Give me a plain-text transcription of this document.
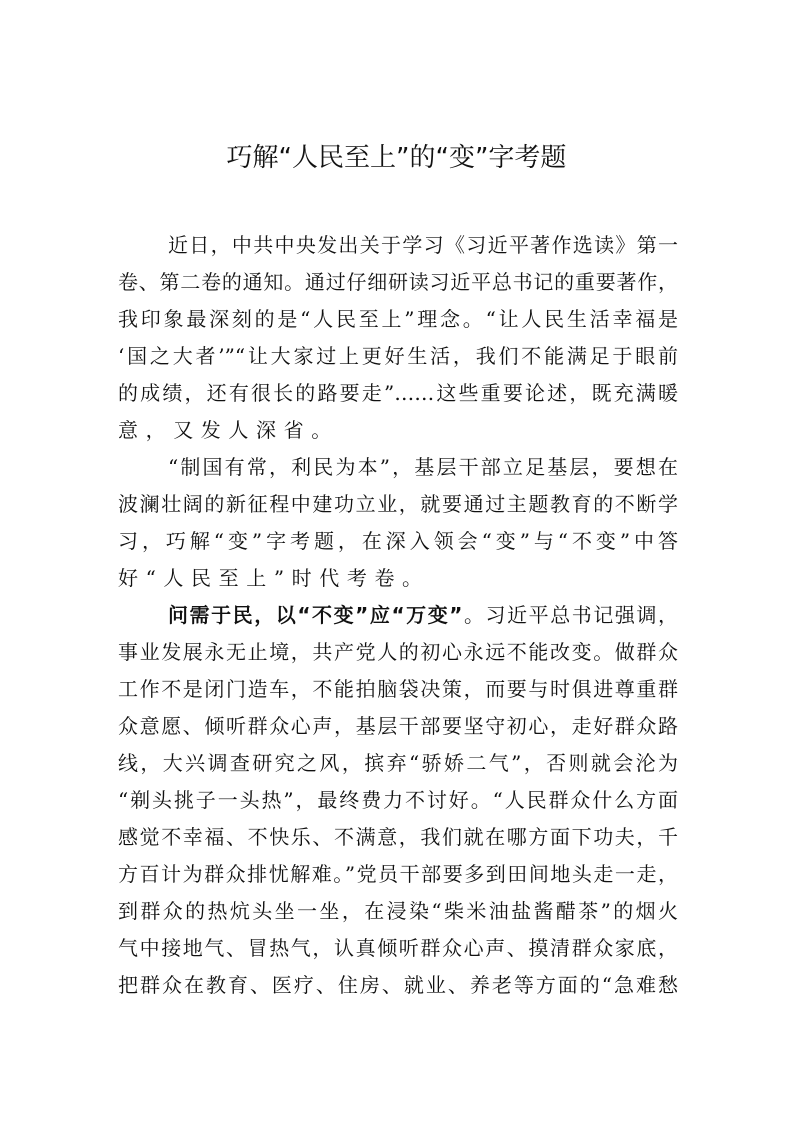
巧解“人民至上”的“变”字考题
近日，中共中央发出关于学习《习近平著作选读》第一
卷、第二卷的通知。通过仔细研读习近平总书记的重要著作，
我印象最深刻的是“人民至上”理念。“让人民生活幸福是
‘国之大者’”“让大家过上更好生活，我们不能满足于眼前
的成绩，还有很长的路要走”……这些重要论述，既充满暖
意，又发人深省。
“制国有常，利民为本”，基层干部立足基层，要想在
波澜壮阔的新征程中建功立业，就要通过主题教育的不断学
习，巧解“变”字考题，在深入领会“变”与“不变”中答
好“人民至上”时代考卷。
问需于民，以“不变”应“万变”。习近平总书记强调，
事业发展永无止境，共产党人的初心永远不能改变。做群众
工作不是闭门造车，不能拍脑袋决策，而要与时俱进尊重群
众意愿、倾听群众心声，基层干部要坚守初心，走好群众路
线，大兴调查研究之风，摈弃“骄娇二气”，否则就会沦为
“剃头挑子一头热”，最终费力不讨好。“人民群众什么方面
感觉不幸福、不快乐、不满意，我们就在哪方面下功夫，千
方百计为群众排忧解难。”党员干部要多到田间地头走一走，
到群众的热炕头坐一坐，在浸染“柴米油盐酱醋茶”的烟火
气中接地气、冒热气，认真倾听群众心声、摸清群众家底，
把群众在教育、医疗、住房、就业、养老等方面的“急难愁
